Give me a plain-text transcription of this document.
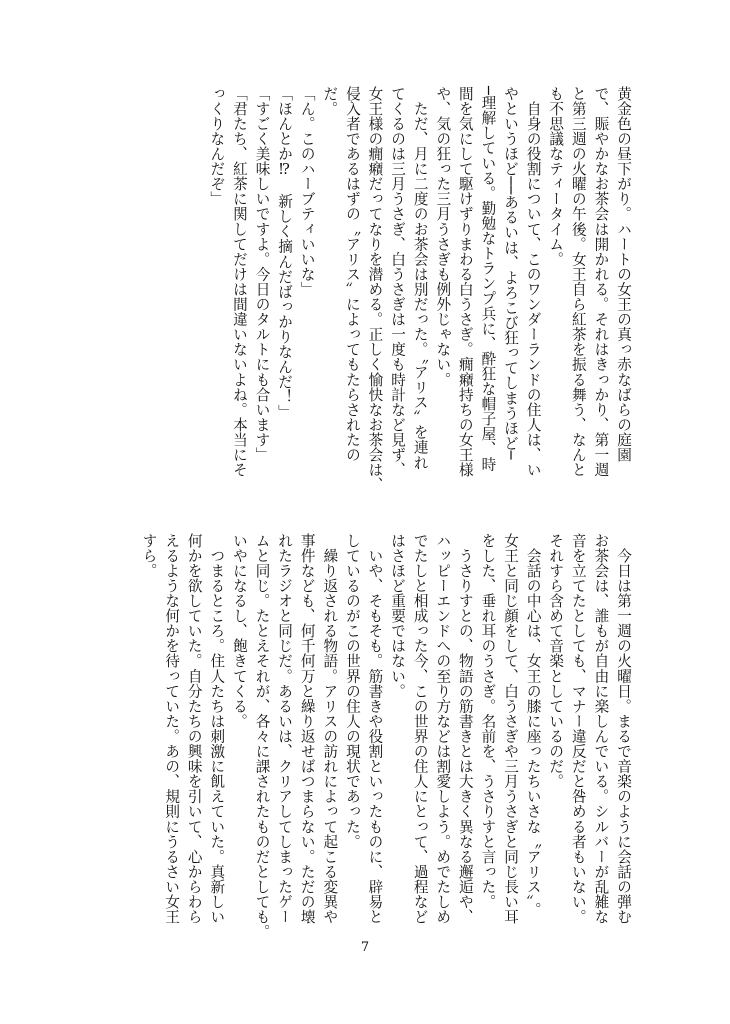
黄金色の昼下がり。ハートの女王の真っ赤なばらの庭園
で、賑やかなお茶会は開かれる。それはきっかり、第一週
と第三週の火曜の午後。女王自ら紅茶を振る舞う、なんと
も不思議なティータイム。
　自身の役割について、このワンダーランドの住人は、い
やというほど──あるいは、よろこび狂ってしまうほど─
─理解している。勤勉なトランプ兵に、酔狂な帽子屋、時
間を気にして駆けずりまわる白うさぎ。癇癪持ちの女王様
や、気の狂った三月うさぎも例外じゃない。
　ただ、月に二度のお茶会は別だった。〝アリス〟を連れ
てくるのは三月うさぎ、白うさぎは一度も時計など見ず、
女王様の癇癪だってなりを潜める。正しく愉快なお茶会は、
侵入者であるはずの〝アリス〟によってもたらされたの
だ。
「ん。このハーブティいいな」
「ほんとか⁉　新しく摘んだばっかりなんだ！」
「すごく美味しいですよ。今日のタルトにも合います」
「君たち、紅茶に関してだけは間違いないよね。本当にそ
っくりなんだぞ」
　今日は第一週の火曜日。まるで音楽のように会話の弾む
お茶会は、誰もが自由に楽しんでいる。シルバーが乱雑な
音を立てたとしても、マナー違反だと咎める者もいない。
それすら含めて音楽としているのだ。
　会話の中心は、女王の膝に座ったちいさな〝アリス〟。
女王と同じ顔をして、白うさぎや三月うさぎと同じ長い耳
をした、垂れ耳のうさぎ。名前を、うさりすと言った。
　うさりすとの、物語の筋書きとは大きく異なる邂逅や、
ハッピーエンドへの至り方などは割愛しよう。めでたしめ
でたしと相成った今、この世界の住人にとって、過程など
はさほど重要ではない。
　いや、そもそも。筋書きや役割といったものに、辟易と
しているのがこの世界の住人の現状であった。
　繰り返される物語。アリスの訪れによって起こる変異や
事件なども、何千何万と繰り返せばつまらない。ただの壊
れたラジオと同じだ。あるいは、クリアしてしまったゲー
ムと同じ。たとえそれが、各々に課されたものだとしても。
いやになるし、飽きてくる。
　つまるところ。住人たちは刺激に飢えていた。真新しい
何かを欲していた。自分たちの興味を引いて、心からわら
えるような何かを待っていた。あの、規則にうるさい女王
すら。
7
